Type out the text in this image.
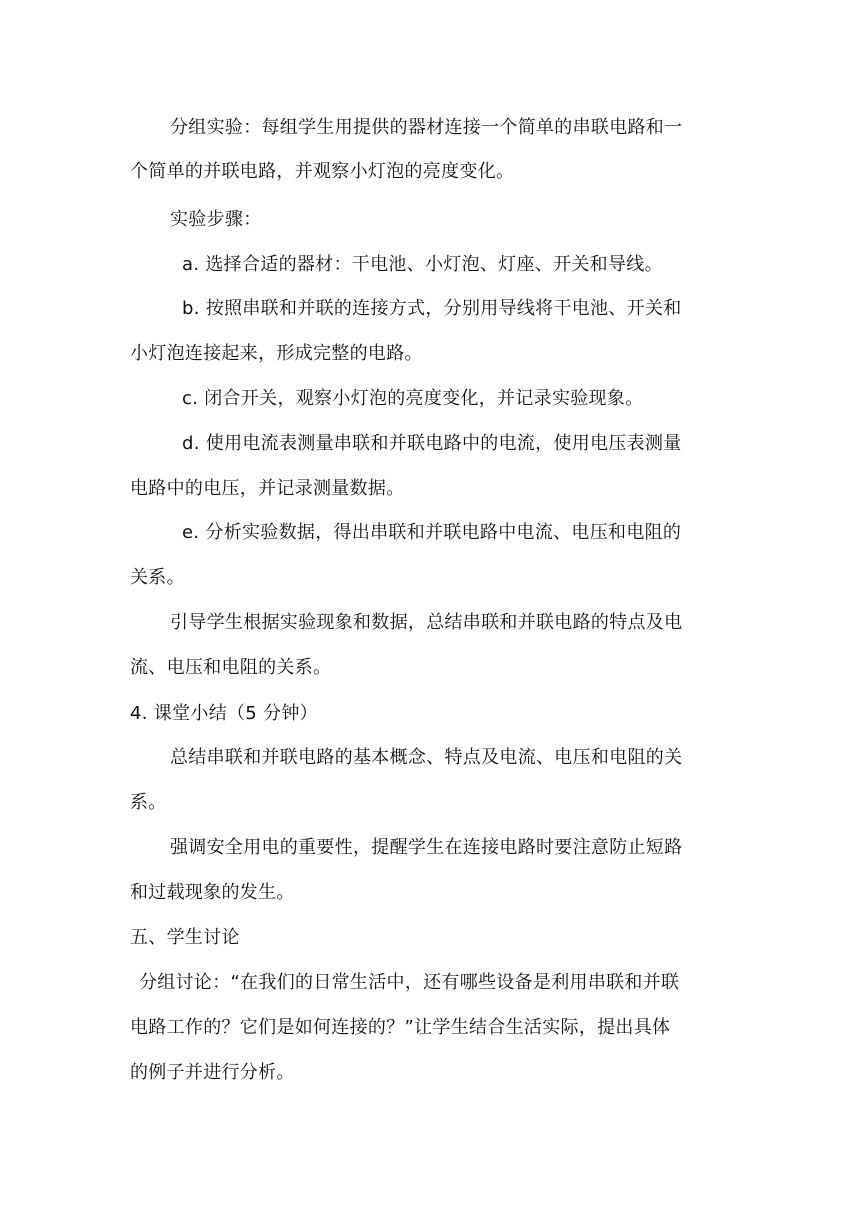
分组实验：每组学生用提供的器材连接一个简单的串联电路和一
个简单的并联电路，并观察小灯泡的亮度变化。
实验步骤：
a. 选择合适的器材：干电池、小灯泡、灯座、开关和导线。
b. 按照串联和并联的连接方式，分别用导线将干电池、开关和
小灯泡连接起来，形成完整的电路。
c. 闭合开关，观察小灯泡的亮度变化，并记录实验现象。
d. 使用电流表测量串联和并联电路中的电流，使用电压表测量
电路中的电压，并记录测量数据。
e. 分析实验数据，得出串联和并联电路中电流、电压和电阻的
关系。
引导学生根据实验现象和数据，总结串联和并联电路的特点及电
流、电压和电阻的关系。
4. 课堂小结（5 分钟）
总结串联和并联电路的基本概念、特点及电流、电压和电阻的关
系。
强调安全用电的重要性，提醒学生在连接电路时要注意防止短路
和过载现象的发生。
五、学生讨论
分组讨论：“在我们的日常生活中，还有哪些设备是利用串联和并联
电路工作的？它们是如何连接的？”让学生结合生活实际，提出具体
的例子并进行分析。
